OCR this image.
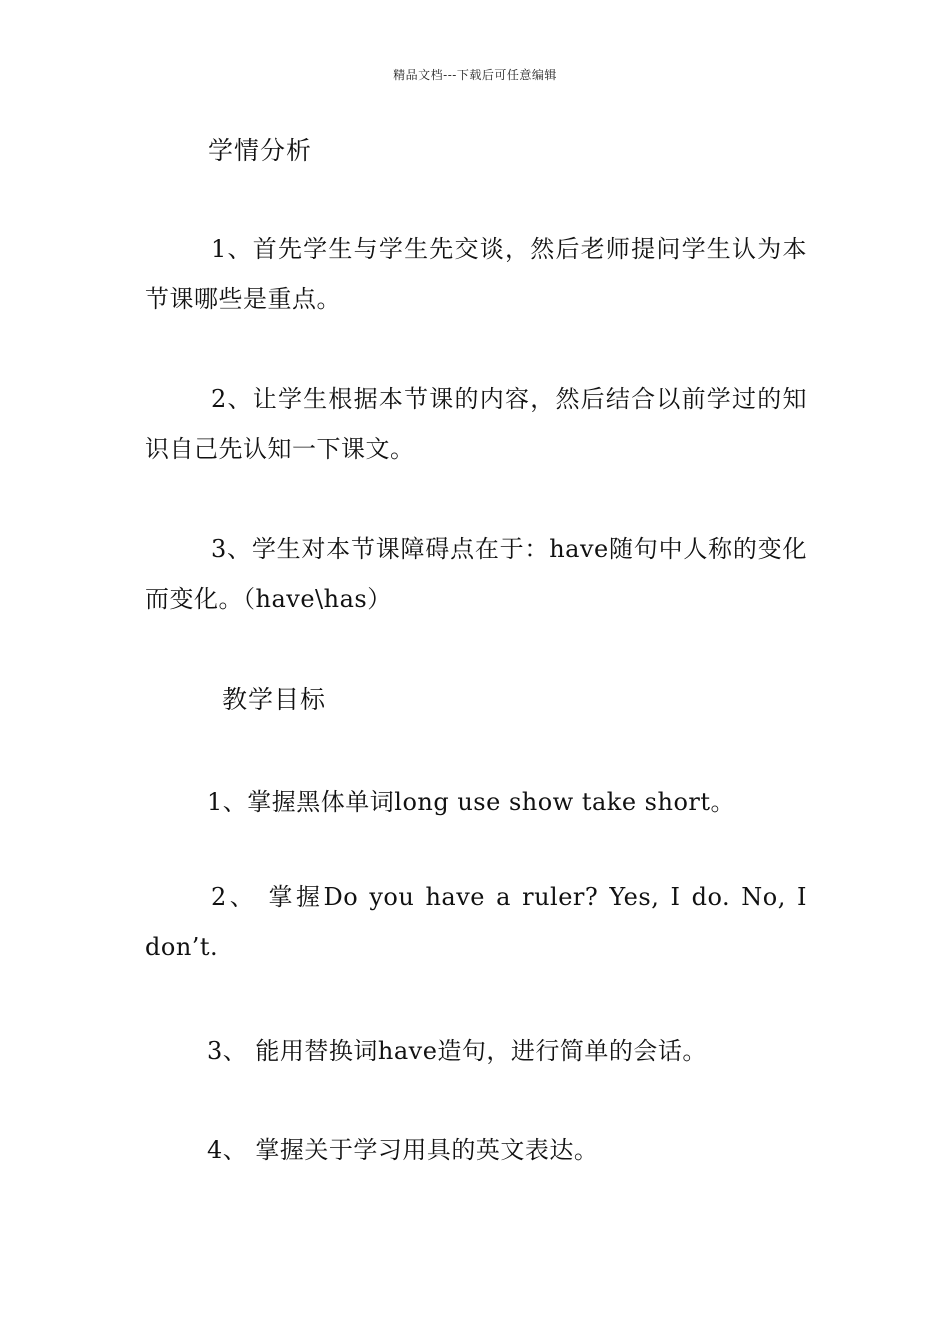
精品文档---下载后可任意编辑
学情分析
1、首先学生与学生先交谈，然后老师提问学生认为本节课哪些是重点。
2、让学生根据本节课的内容，然后结合以前学过的知识自己先认知一下课文。
3、学生对本节课障碍点在于：have随句中人称的变化而变化。（have\has）
教学目标
1、掌握黑体单词long use show take short。
2、 掌握Do you have a ruler? Yes, I do. No, I don’t.
3、 能用替换词have造句，进行简单的会话。
4、 掌握关于学习用具的英文表达。
